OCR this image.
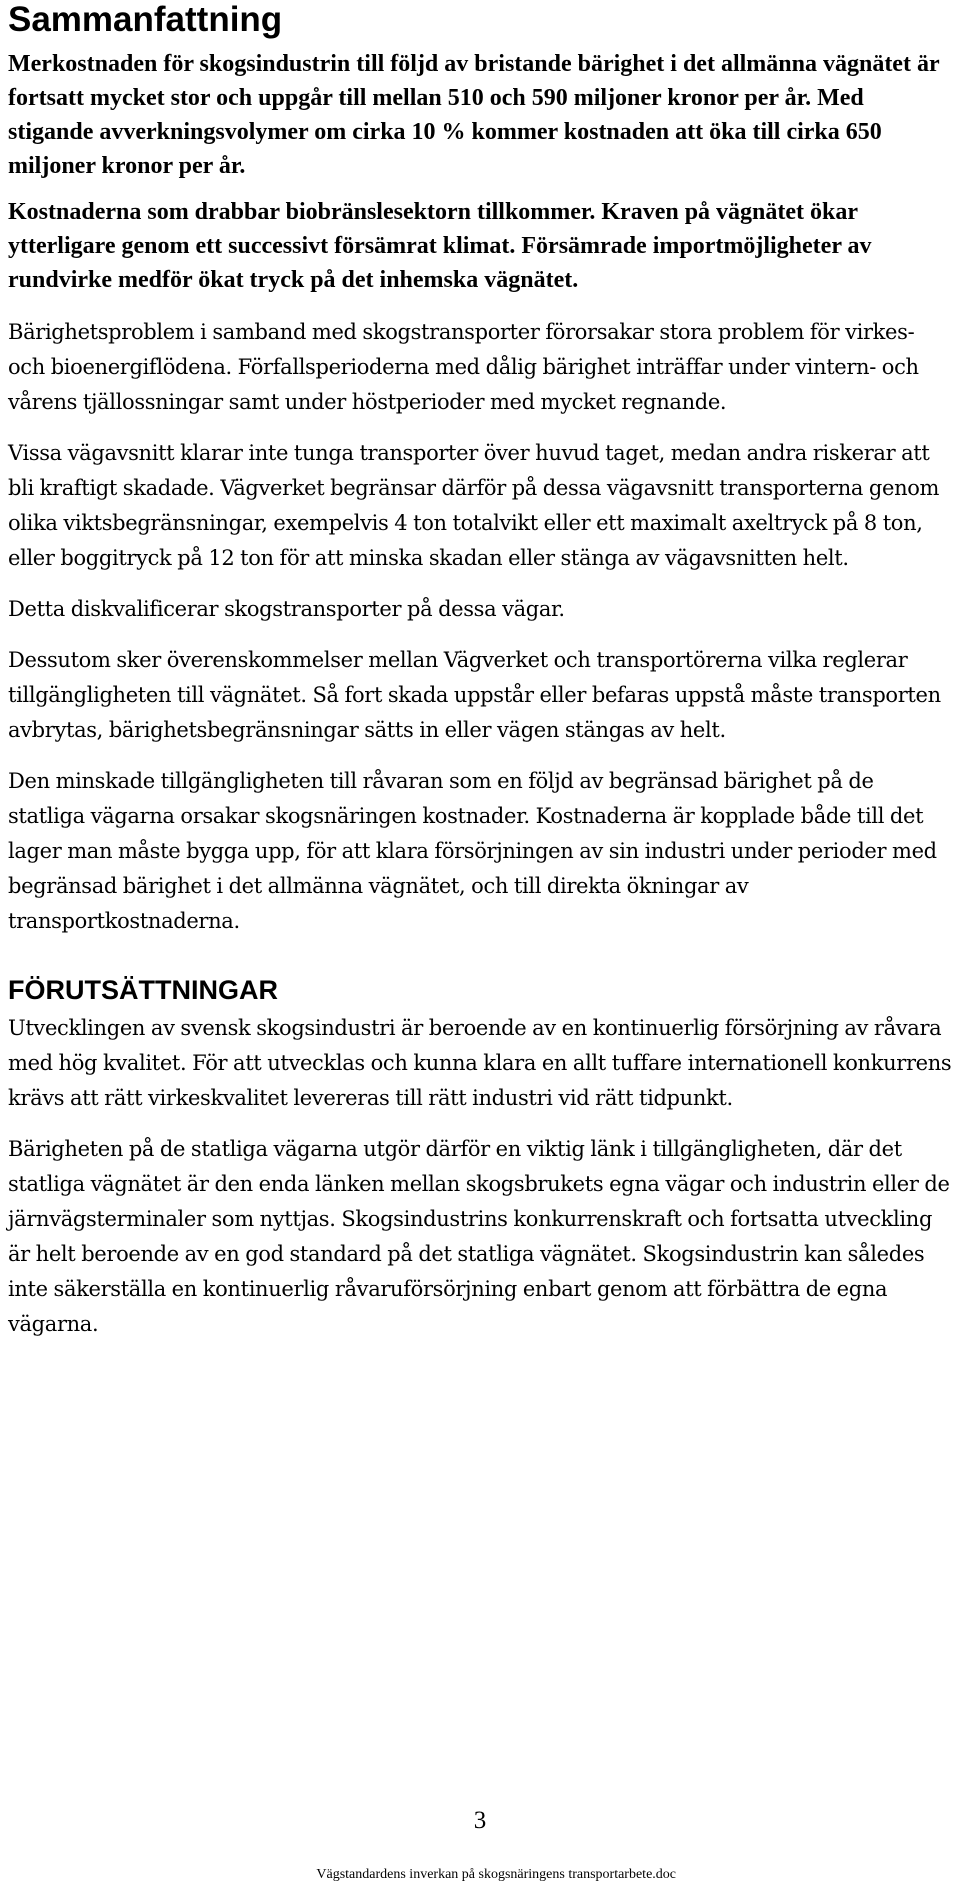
Sammanfattning

Merkostnaden för skogsindustrin till följd av bristande bärighet i det allmänna vägnätet är fortsatt mycket stor och uppgår till mellan 510 och 590 miljoner kronor per år. Med stigande avverkningsvolymer om cirka 10 % kommer kostnaden att öka till cirka 650 miljoner kronor per år.

Kostnaderna som drabbar biobränslesektorn tillkommer. Kraven på vägnätet ökar ytterligare genom ett successivt försämrat klimat. Försämrade importmöjligheter av rundvirke medför ökat tryck på det inhemska vägnätet.

Bärighetsproblem i samband med skogstransporter förorsakar stora problem för virkes- och bioenergiflödena. Förfallsperioderna med dålig bärighet inträffar under vintern- och vårens tjällossningar samt under höstperioder med mycket regnande.

Vissa vägavsnitt klarar inte tunga transporter över huvud taget, medan andra riskerar att bli kraftigt skadade. Vägverket begränsar därför på dessa vägavsnitt transporterna genom olika viktsbegränsningar, exempelvis 4 ton totalvikt eller ett maximalt axeltryck på 8 ton, eller boggitryck på 12 ton för att minska skadan eller stänga av vägavsnitten helt.

Detta diskvalificerar skogstransporter på dessa vägar.

Dessutom sker överenskommelser mellan Vägverket och transportörerna vilka reglerar tillgängligheten till vägnätet. Så fort skada uppstår eller befaras uppstå måste transporten avbrytas, bärighetsbegränsningar sätts in eller vägen stängas av helt.

Den minskade tillgängligheten till råvaran som en följd av begränsad bärighet på de statliga vägarna orsakar skogsnäringen kostnader. Kostnaderna är kopplade både till det lager man måste bygga upp, för att klara försörjningen av sin industri under perioder med begränsad bärighet i det allmänna vägnätet, och till direkta ökningar av transportkostnaderna.

FÖRUTSÄTTNINGAR

Utvecklingen av svensk skogsindustri är beroende av en kontinuerlig försörjning av råvara med hög kvalitet. För att utvecklas och kunna klara en allt tuffare internationell konkurrens krävs att rätt virkeskvalitet levereras till rätt industri vid rätt tidpunkt.

Bärigheten på de statliga vägarna utgör därför en viktig länk i tillgängligheten, där det statliga vägnätet är den enda länken mellan skogsbrukets egna vägar och industrin eller de järnvägsterminaler som nyttjas. Skogsindustrins konkurrenskraft och fortsatta utveckling är helt beroende av en god standard på det statliga vägnätet. Skogsindustrin kan således inte säkerställa en kontinuerlig råvaruförsörjning enbart genom att förbättra de egna vägarna.

3
Vägstandardens inverkan på skogsnäringens transportarbete.doc
